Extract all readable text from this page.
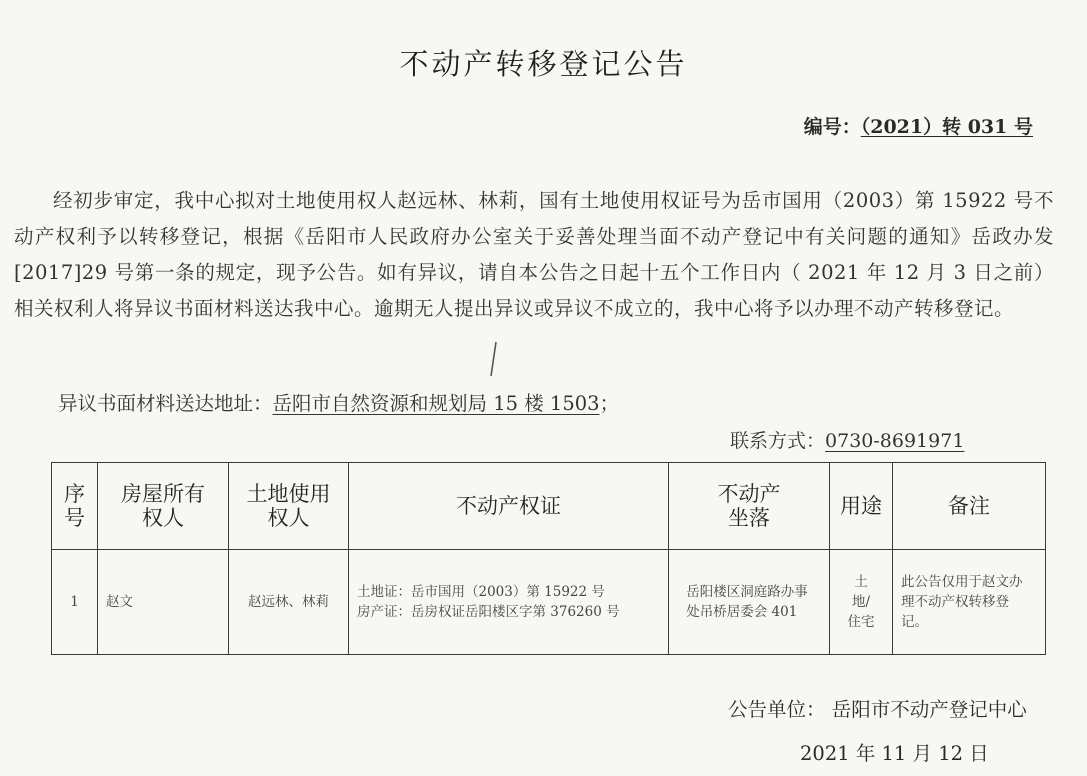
不动产转移登记公告
编号：（2021）转 031 号

经初步审定，我中心拟对土地使用权人赵远林、林莉，国有土地使用权证号为岳市国用（2003）第 15922 号不动产权利予以转移登记，根据《岳阳市人民政府办公室关于妥善处理当面不动产登记中有关问题的通知》岳政办发[2017]29 号第一条的规定，现予公告。如有异议，请自本公告之日起十五个工作日内（ 2021 年 12 月 3 日之前）相关权利人将异议书面材料送达我中心。逾期无人提出异议或异议不成立的，我中心将予以办理不动产转移登记。

异议书面材料送达地址：岳阳市自然资源和规划局 15 楼 1503；
联系方式：0730-8691971
序号	房屋所有权人	土地使用权人	不动产权证	不动产坐落	用途	备注
1	赵文	赵远林、林莉	土地证：岳市国用（2003）第 15922 号
房产证：岳房权证岳阳楼区字第 376260 号	岳阳楼区洞庭路办事处吊桥居委会 401	土地/住宅	此公告仅用于赵文办理不动产权转移登记。
公告单位： 岳阳市不动产登记中心
2021 年 11 月 12 日
